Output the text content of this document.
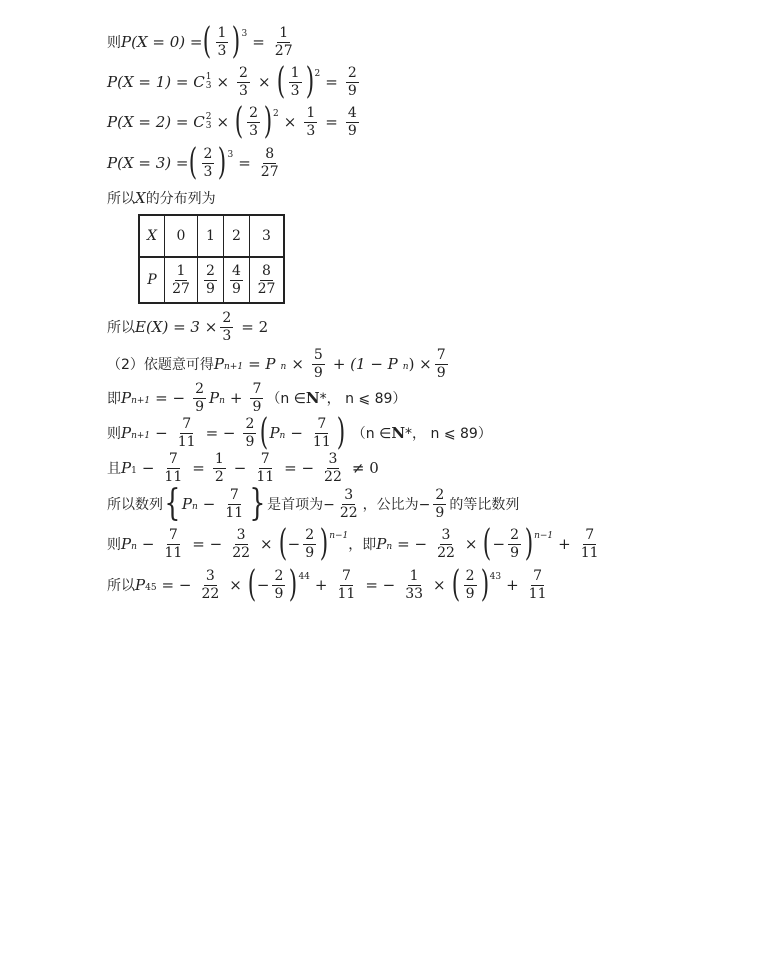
则 P(X = 0) = ( $\frac{1}{3} )^3 = \frac{1}{27}$
P(X = 1) = C 1
$3 \times \frac{2}{3}$ × ( $\frac{1}{3} )^2 = \frac{2}{9}$
P(X = 2) = C 2
3 × ( $\frac{2}{3} )^2 \times \frac{1}{3} = \frac{4}{9}$
P(X = 3) = ( $\frac{2}{3} )^3 = \frac{8}{27}$
所以 X 的分布列为
X	0	1	2	3
P	$\frac{1}{27}$	$\frac{2}{9}$	$\frac{4}{9}$	$\frac{8}{27}$
所以 $E(X) = 3 \times \frac{2}{3} = 2$
（2）依题意可得 $P_{n+1} = P$ $_n \times \frac{5}{9} + (1 - P$ $_n$ ) × $\frac{7}{9}$
即 $P_{n+1}$ = − $\frac{2}{9} P_n + \frac{7}{9} (n$ ∈ N *， n ⩽ 89）
则 $P_{n+1} - \frac{7}{11}$ = − $\frac{2}{9}$ ( $P_n - \frac{7}{11}$ ) （n ∈ N *， n ⩽ 89）
且 $P_1 - \frac{7}{11} = \frac{1}{2} - \frac{7}{11}$ = − $\frac{3}{22} \ne 0$
所以数列 { $P_n - \frac{7}{11}$ } 是首项为− $\frac{3}{22}$ ，公比为− $\frac{2}{9}$ 的等比数列
则 $P_n - \frac{7}{11}$ = − $\frac{3}{22}$ × ( − $\frac{2}{9} )^{n-1}$
，即 $P_n$ = − $\frac{3}{22}$ × ( − $\frac{2}{9} )^{n-1} + \frac{7}{11}$
所以 $P_{45}$ = − $\frac{3}{22}$ × ( − $\frac{2}{9} )^{44} + \frac{7}{11}$ = − $\frac{1}{33}$ × ( $\frac{2}{9} )^{43} + \frac{7}{11}$
